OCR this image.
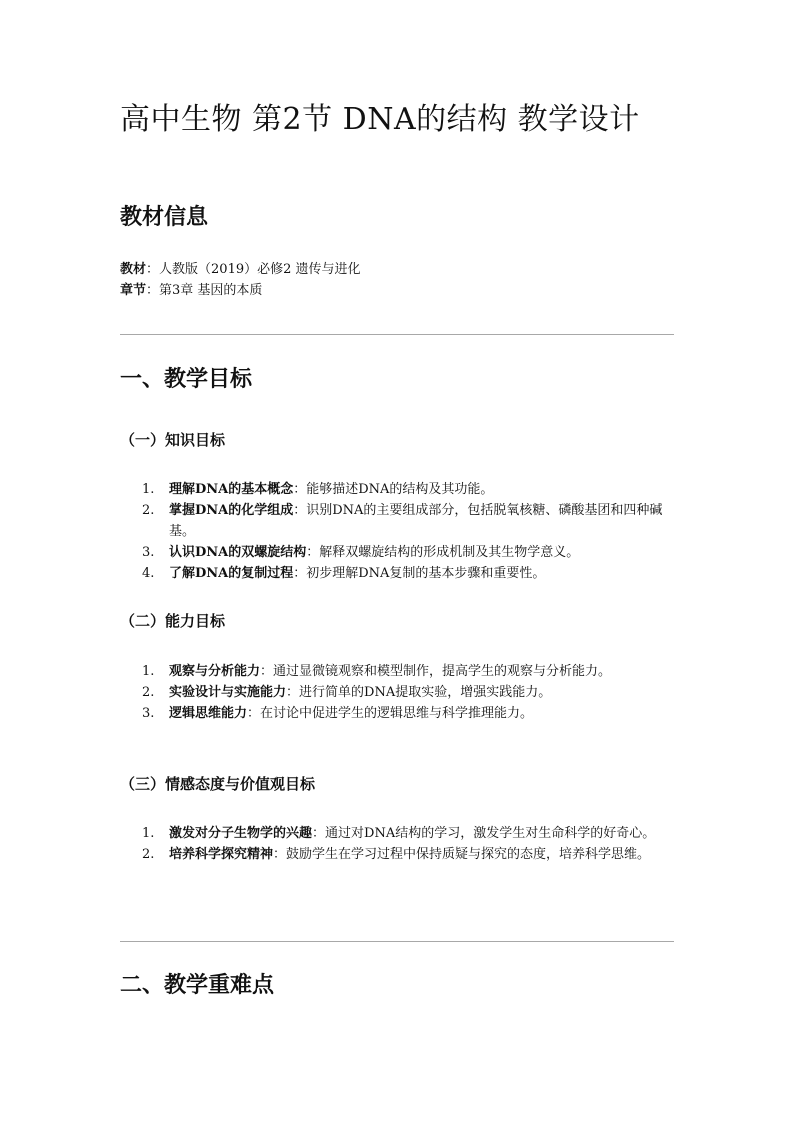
高中生物 第2节 DNA的结构 教学设计
教材信息
教材：人教版（2019）必修2 遗传与进化
章节：第3章 基因的本质
一、教学目标
（一）知识目标
1. 理解DNA的基本概念：能够描述DNA的结构及其功能。
2. 掌握DNA的化学组成：识别DNA的主要组成部分，包括脱氧核糖、磷酸基团和四种碱基。
3. 认识DNA的双螺旋结构：解释双螺旋结构的形成机制及其生物学意义。
4. 了解DNA的复制过程：初步理解DNA复制的基本步骤和重要性。
（二）能力目标
1. 观察与分析能力：通过显微镜观察和模型制作，提高学生的观察与分析能力。
2. 实验设计与实施能力：进行简单的DNA提取实验，增强实践能力。
3. 逻辑思维能力：在讨论中促进学生的逻辑思维与科学推理能力。
（三）情感态度与价值观目标
1. 激发对分子生物学的兴趣：通过对DNA结构的学习，激发学生对生命科学的好奇心。
2. 培养科学探究精神：鼓励学生在学习过程中保持质疑与探究的态度，培养科学思维。
二、教学重难点
